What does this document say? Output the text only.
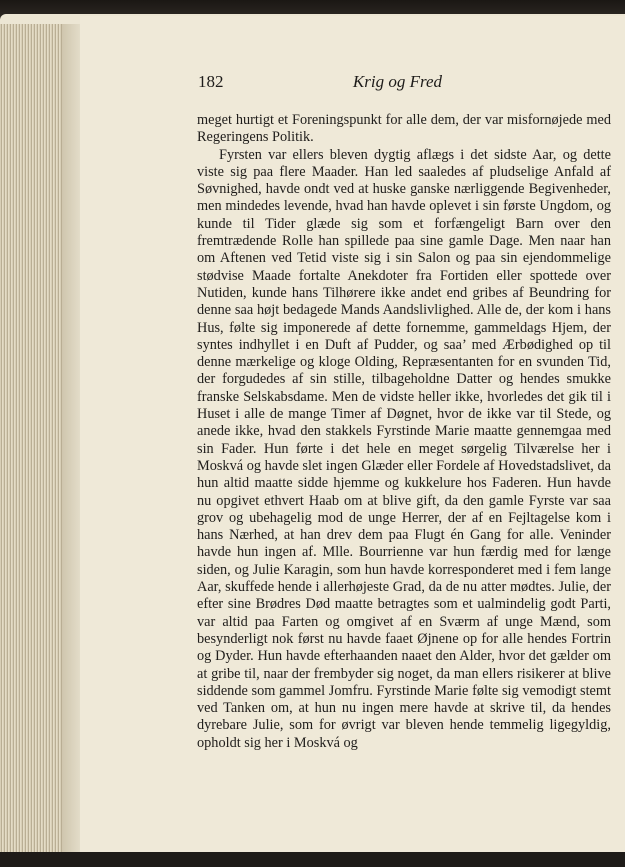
182	Krig og Fred

meget hurtigt et Foreningspunkt for alle dem, der var misfornøjede med Regeringens Politik.

Fyrsten var ellers bleven dygtig aflægs i det sidste Aar, og dette viste sig paa flere Maader. Han led saaledes af pludselige Anfald af Søvnighed, havde ondt ved at huske ganske nærliggende Begivenheder, men mindedes levende, hvad han havde oplevet i sin første Ungdom, og kunde til Tider glæde sig som et forfængeligt Barn over den fremtrædende Rolle han spillede paa sine gamle Dage. Men naar han om Aftenen ved Tetid viste sig i sin Salon og paa sin ejendommelige stødvise Maade fortalte Anekdoter fra Fortiden eller spottede over Nutiden, kunde hans Tilhørere ikke andet end gribes af Beundring for denne saa højt bedagede Mands Aandslivlighed. Alle de, der kom i hans Hus, følte sig imponerede af dette fornemme, gammeldags Hjem, der syntes indhyllet i en Duft af Pudder, og saa’ med Ærbødighed op til denne mærkelige og kloge Olding, Repræsentanten for en svunden Tid, der forgudedes af sin stille, tilbageholdne Datter og hendes smukke franske Selskabsdame. Men de vidste heller ikke, hvorledes det gik til i Huset i alle de mange Timer af Døgnet, hvor de ikke var til Stede, og anede ikke, hvad den stakkels Fyrstinde Marie maatte gennemgaa med sin Fader. Hun førte i det hele en meget sørgelig Tilværelse her i Moskvá og havde slet ingen Glæder eller Fordele af Hovedstadslivet, da hun altid maatte sidde hjemme og kukkelure hos Faderen. Hun havde nu opgivet ethvert Haab om at blive gift, da den gamle Fyrste var saa grov og ubehagelig mod de unge Herrer, der af en Fejltagelse kom i hans Nærhed, at han drev dem paa Flugt én Gang for alle. Veninder havde hun ingen af. Mlle. Bourrienne var hun færdig med for længe siden, og Julie Karagin, som hun havde korresponderet med i fem lange Aar, skuffede hende i allerhøjeste Grad, da de nu atter mødtes. Julie, der efter sine Brødres Død maatte betragtes som et ualmindelig godt Parti, var altid paa Farten og omgivet af en Sværm af unge Mænd, som besynderligt nok først nu havde faaet Øjnene op for alle hendes Fortrin og Dyder. Hun havde efterhaanden naaet den Alder, hvor det gælder om at gribe til, naar der frembyder sig noget, da man ellers risikerer at blive siddende som gammel Jomfru. Fyrstinde Marie følte sig vemodigt stemt ved Tanken om, at hun nu ingen mere havde at skrive til, da hendes dyrebare Julie, som for øvrigt var bleven hende temmelig ligegyldig, opholdt sig her i Moskvá og
